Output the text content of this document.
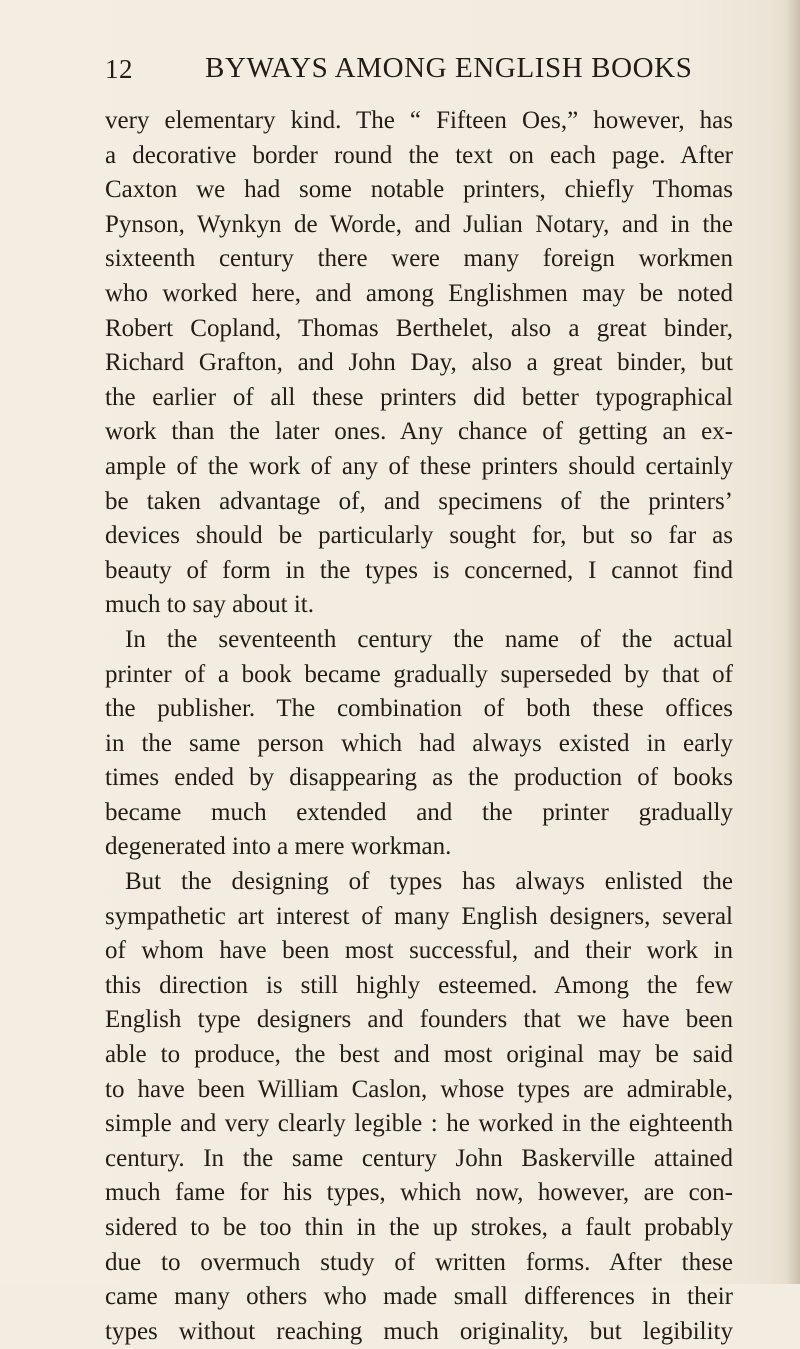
12 BYWAYS AMONG ENGLISH BOOKS
very elementary kind. The “ Fifteen Oes,” however, has
a decorative border round the text on each page. After
Caxton we had some notable printers, chiefly Thomas
Pynson, Wynkyn de Worde, and Julian Notary, and in the
sixteenth century there were many foreign workmen
who worked here, and among Englishmen may be noted
Robert Copland, Thomas Berthelet, also a great binder,
Richard Grafton, and John Day, also a great binder, but
the earlier of all these printers did better typographical
work than the later ones. Any chance of getting an ex-
ample of the work of any of these printers should certainly
be taken advantage of, and specimens of the printers’
devices should be particularly sought for, but so far as
beauty of form in the types is concerned, I cannot find
much to say about it.
In the seventeenth century the name of the actual
printer of a book became gradually superseded by that of
the publisher. The combination of both these offices
in the same person which had always existed in early
times ended by disappearing as the production of books
became much extended and the printer gradually
degenerated into a mere workman.
But the designing of types has always enlisted the
sympathetic art interest of many English designers, several
of whom have been most successful, and their work in
this direction is still highly esteemed. Among the few
English type designers and founders that we have been
able to produce, the best and most original may be said
to have been William Caslon, whose types are admirable,
simple and very clearly legible : he worked in the eighteenth
century. In the same century John Baskerville attained
much fame for his types, which now, however, are con-
sidered to be too thin in the up strokes, a fault probably
due to overmuch study of written forms. After these
came many others who made small differences in their
types without reaching much originality, but legibility
